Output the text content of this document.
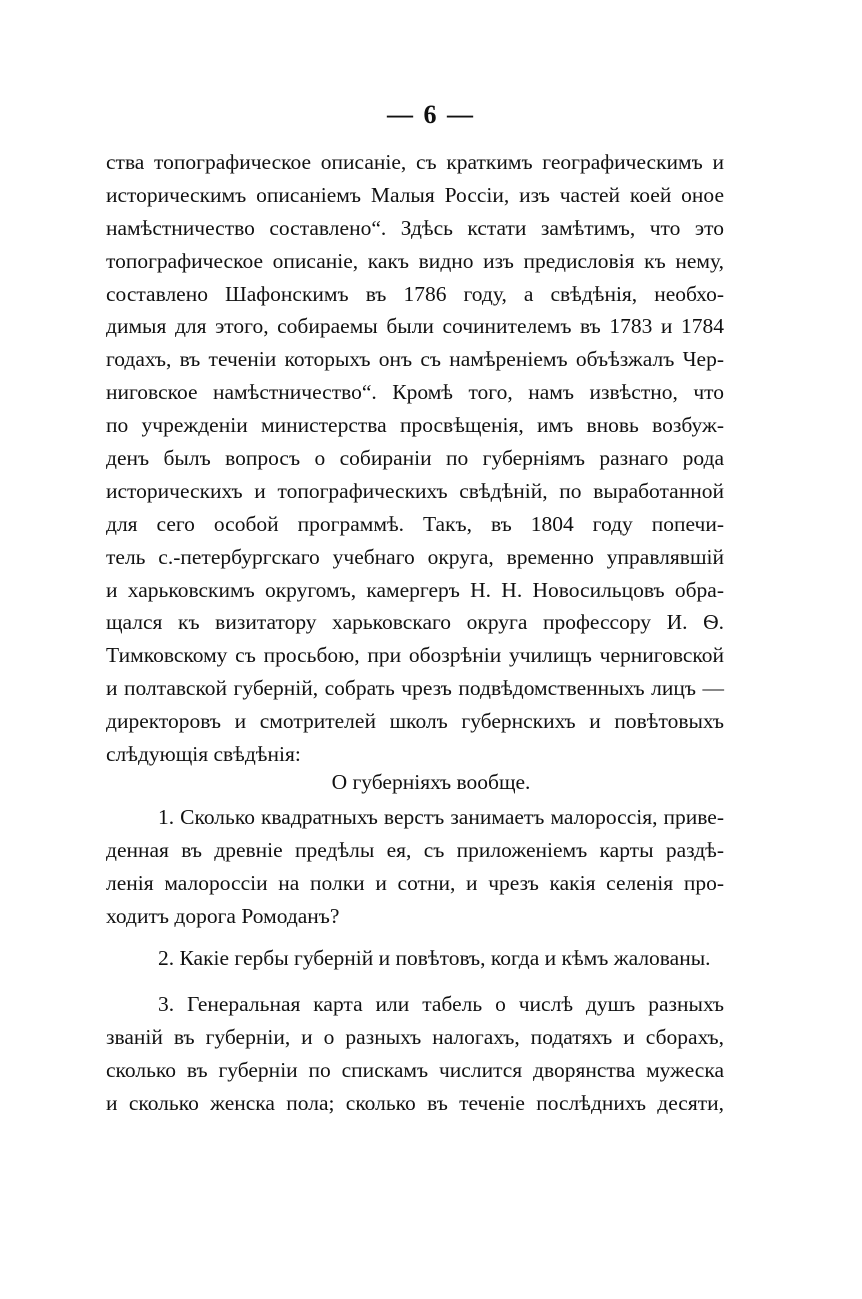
— 6 —
ства топографическое описаніе, съ краткимъ географическимъ и
историческимъ описаніемъ Малыя Россіи, изъ частей коей оное
намѣстничество составлено“. Здѣсь кстати замѣтимъ, что это
топографическое описаніе, какъ видно изъ предисловія къ нему,
составлено Шафонскимъ въ 1786 году, а свѣдѣнія, необхо-
димыя для этого, собираемы были сочинителемъ въ 1783 и 1784
годахъ, въ теченіи которыхъ онъ съ намѣреніемъ объѣзжалъ Чер-
ниговское намѣстничество“. Кромѣ того, намъ извѣстно, что
по учрежденіи министерства просвѣщенія, имъ вновь возбуж-
денъ былъ вопросъ о собираніи по губерніямъ разнаго рода
историческихъ и топографическихъ свѣдѣній, по выработанной
для сего особой программѣ. Такъ, въ 1804 году попечи-
тель с.-петербургскаго учебнаго округа, временно управлявшій
и харьковскимъ округомъ, камергеръ Н. Н. Новосильцовъ обра-
щался къ визитатору харьковскаго округа профессору И. Ѳ.
Тимковскому съ просьбою, при обозрѣніи училищъ черниговской
и полтавской губерній, собрать чрезъ подвѣдомственныхъ лицъ —
директоровъ и смотрителей школъ губернскихъ и повѣтовыхъ
слѣдующія свѣдѣнія:
О губерніяхъ вообще.
1. Сколько квадратныхъ верстъ занимаетъ малороссія, приве-
денная въ древніе предѣлы ея, съ приложеніемъ карты раздѣ-
ленія малороссіи на полки и сотни, и чрезъ какія селенія про-
ходитъ дорога Ромоданъ?
2. Какіе гербы губерній и повѣтовъ, когда и кѣмъ жалованы.
3. Генеральная карта или табель о числѣ душъ разныхъ
званій въ губерніи, и о разныхъ налогахъ, податяхъ и сборахъ,
сколько въ губерніи по спискамъ числится дворянства мужеска
и сколько женска пола; сколько въ теченіе послѣднихъ десяти,
